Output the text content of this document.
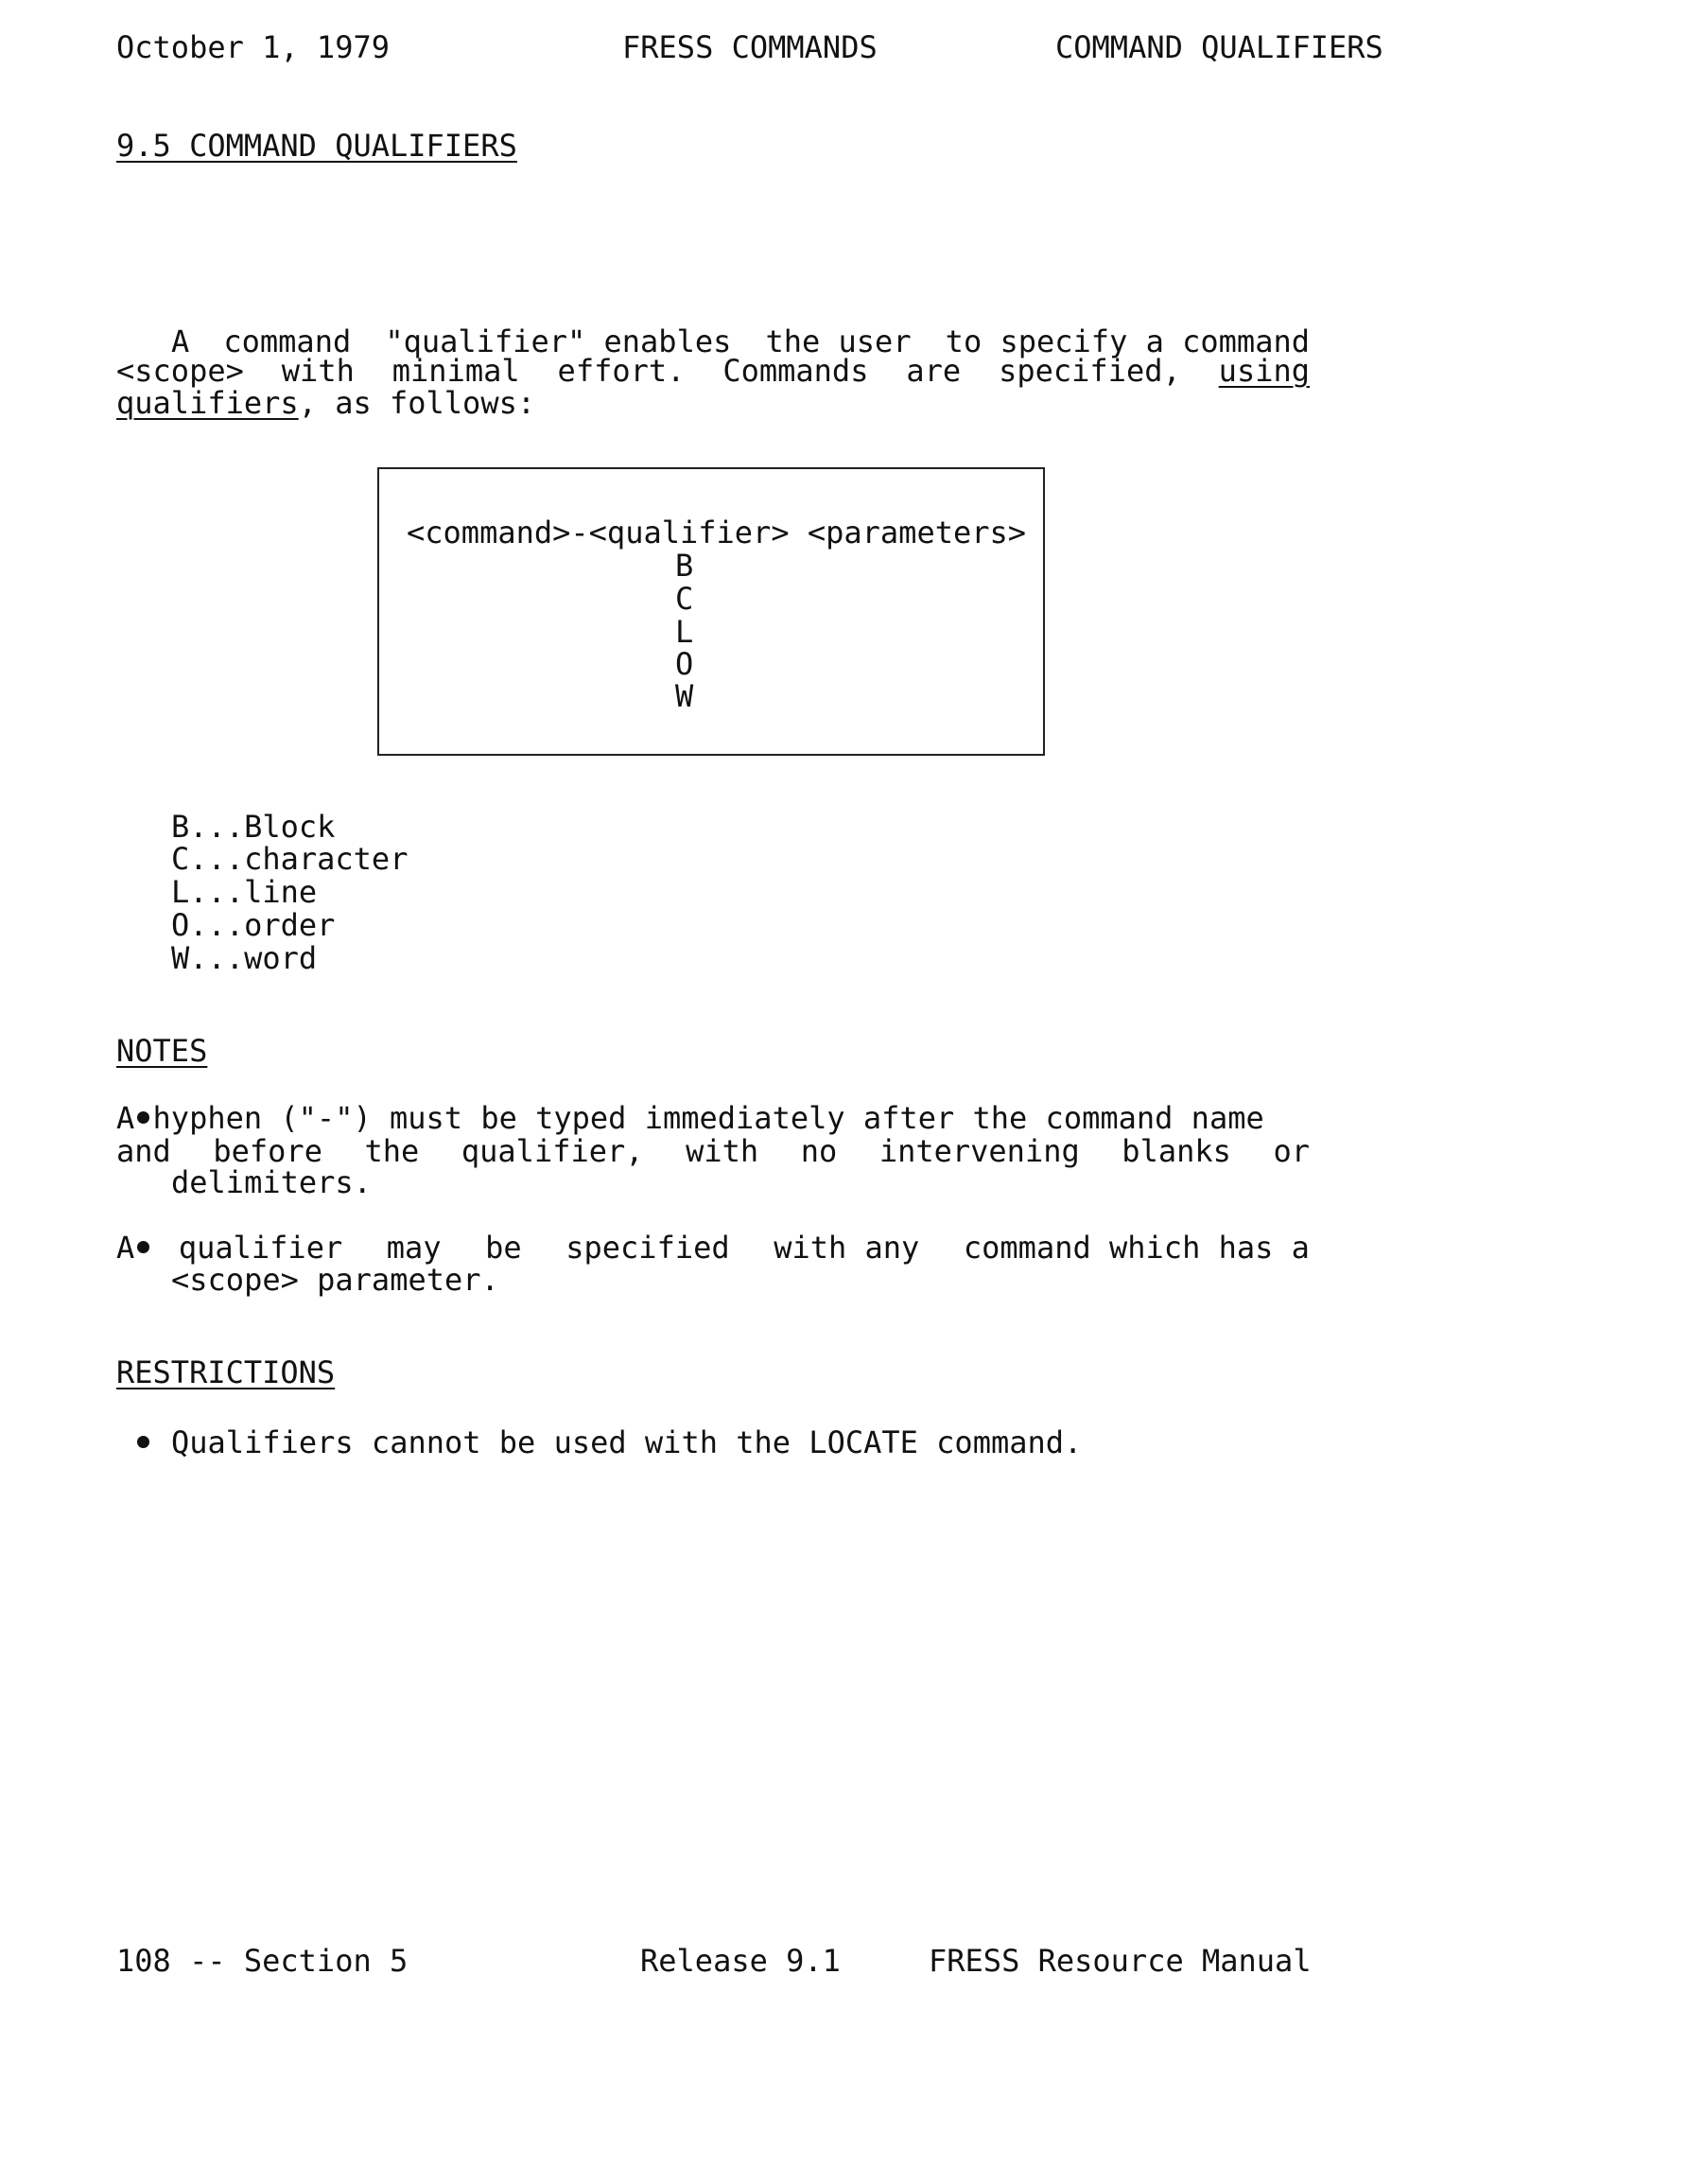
October 1, 1979	FRESS COMMANDS	COMMAND QUALIFIERS
9.5 COMMAND QUALIFIERS
A command "qualifier" enables the user to specify a command
<scope> with minimal effort. Commands are specified, using
qualifiers, as follows:
<command>-<qualifier> <parameters>
B
C
L
O
W
B...Block
C...character
L...line
O...order
W...word
NOTES
A hyphen ("-") must be typed immediately after the command name
and before the qualifier, with no intervening blanks or
delimiters.
A qualifier may be specified with any command which has a
<scope> parameter.
RESTRICTIONS
Qualifiers cannot be used with the LOCATE command.
108 -- Section 5	Release 9.1	FRESS Resource Manual
